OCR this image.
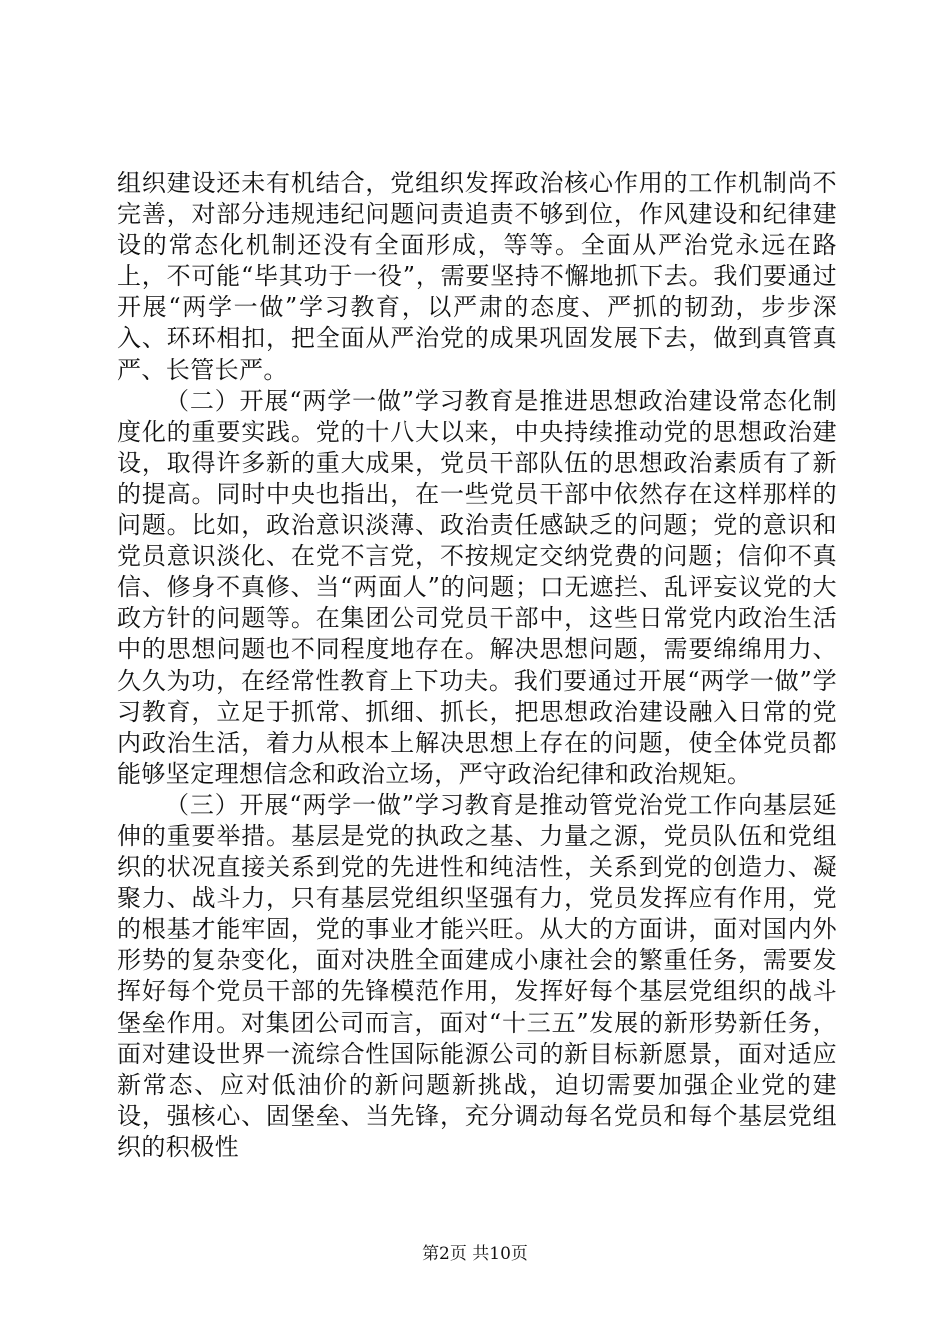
组织建设还未有机结合，党组织发挥政治核心作用的工作机制尚不完善，对部分违规违纪问题问责追责不够到位，作风建设和纪律建设的常态化机制还没有全面形成，等等。全面从严治党永远在路上，不可能“毕其功于一役”，需要坚持不懈地抓下去。我们要通过开展“两学一做”学习教育，以严肃的态度、严抓的韧劲，步步深入、环环相扣，把全面从严治党的成果巩固发展下去，做到真管真严、长管长严。

（二）开展“两学一做”学习教育是推进思想政治建设常态化制度化的重要实践。党的十八大以来，中央持续推动党的思想政治建设，取得许多新的重大成果，党员干部队伍的思想政治素质有了新的提高。同时中央也指出，在一些党员干部中依然存在这样那样的问题。比如，政治意识淡薄、政治责任感缺乏的问题；党的意识和党员意识淡化、在党不言党，不按规定交纳党费的问题；信仰不真信、修身不真修、当“两面人”的问题；口无遮拦、乱评妄议党的大政方针的问题等。在集团公司党员干部中，这些日常党内政治生活中的思想问题也不同程度地存在。解决思想问题，需要绵绵用力、久久为功，在经常性教育上下功夫。我们要通过开展“两学一做”学习教育，立足于抓常、抓细、抓长，把思想政治建设融入日常的党内政治生活，着力从根本上解决思想上存在的问题，使全体党员都能够坚定理想信念和政治立场，严守政治纪律和政治规矩。

（三）开展“两学一做”学习教育是推动管党治党工作向基层延伸的重要举措。基层是党的执政之基、力量之源，党员队伍和党组织的状况直接关系到党的先进性和纯洁性，关系到党的创造力、凝聚力、战斗力，只有基层党组织坚强有力，党员发挥应有作用，党的根基才能牢固，党的事业才能兴旺。从大的方面讲，面对国内外形势的复杂变化，面对决胜全面建成小康社会的繁重任务，需要发挥好每个党员干部的先锋模范作用，发挥好每个基层党组织的战斗堡垒作用。对集团公司而言，面对“十三五”发展的新形势新任务，面对建设世界一流综合性国际能源公司的新目标新愿景，面对适应新常态、应对低油价的新问题新挑战，迫切需要加强企业党的建设，强核心、固堡垒、当先锋，充分调动每名党员和每个基层党组织的积极性

第2页 共10页
